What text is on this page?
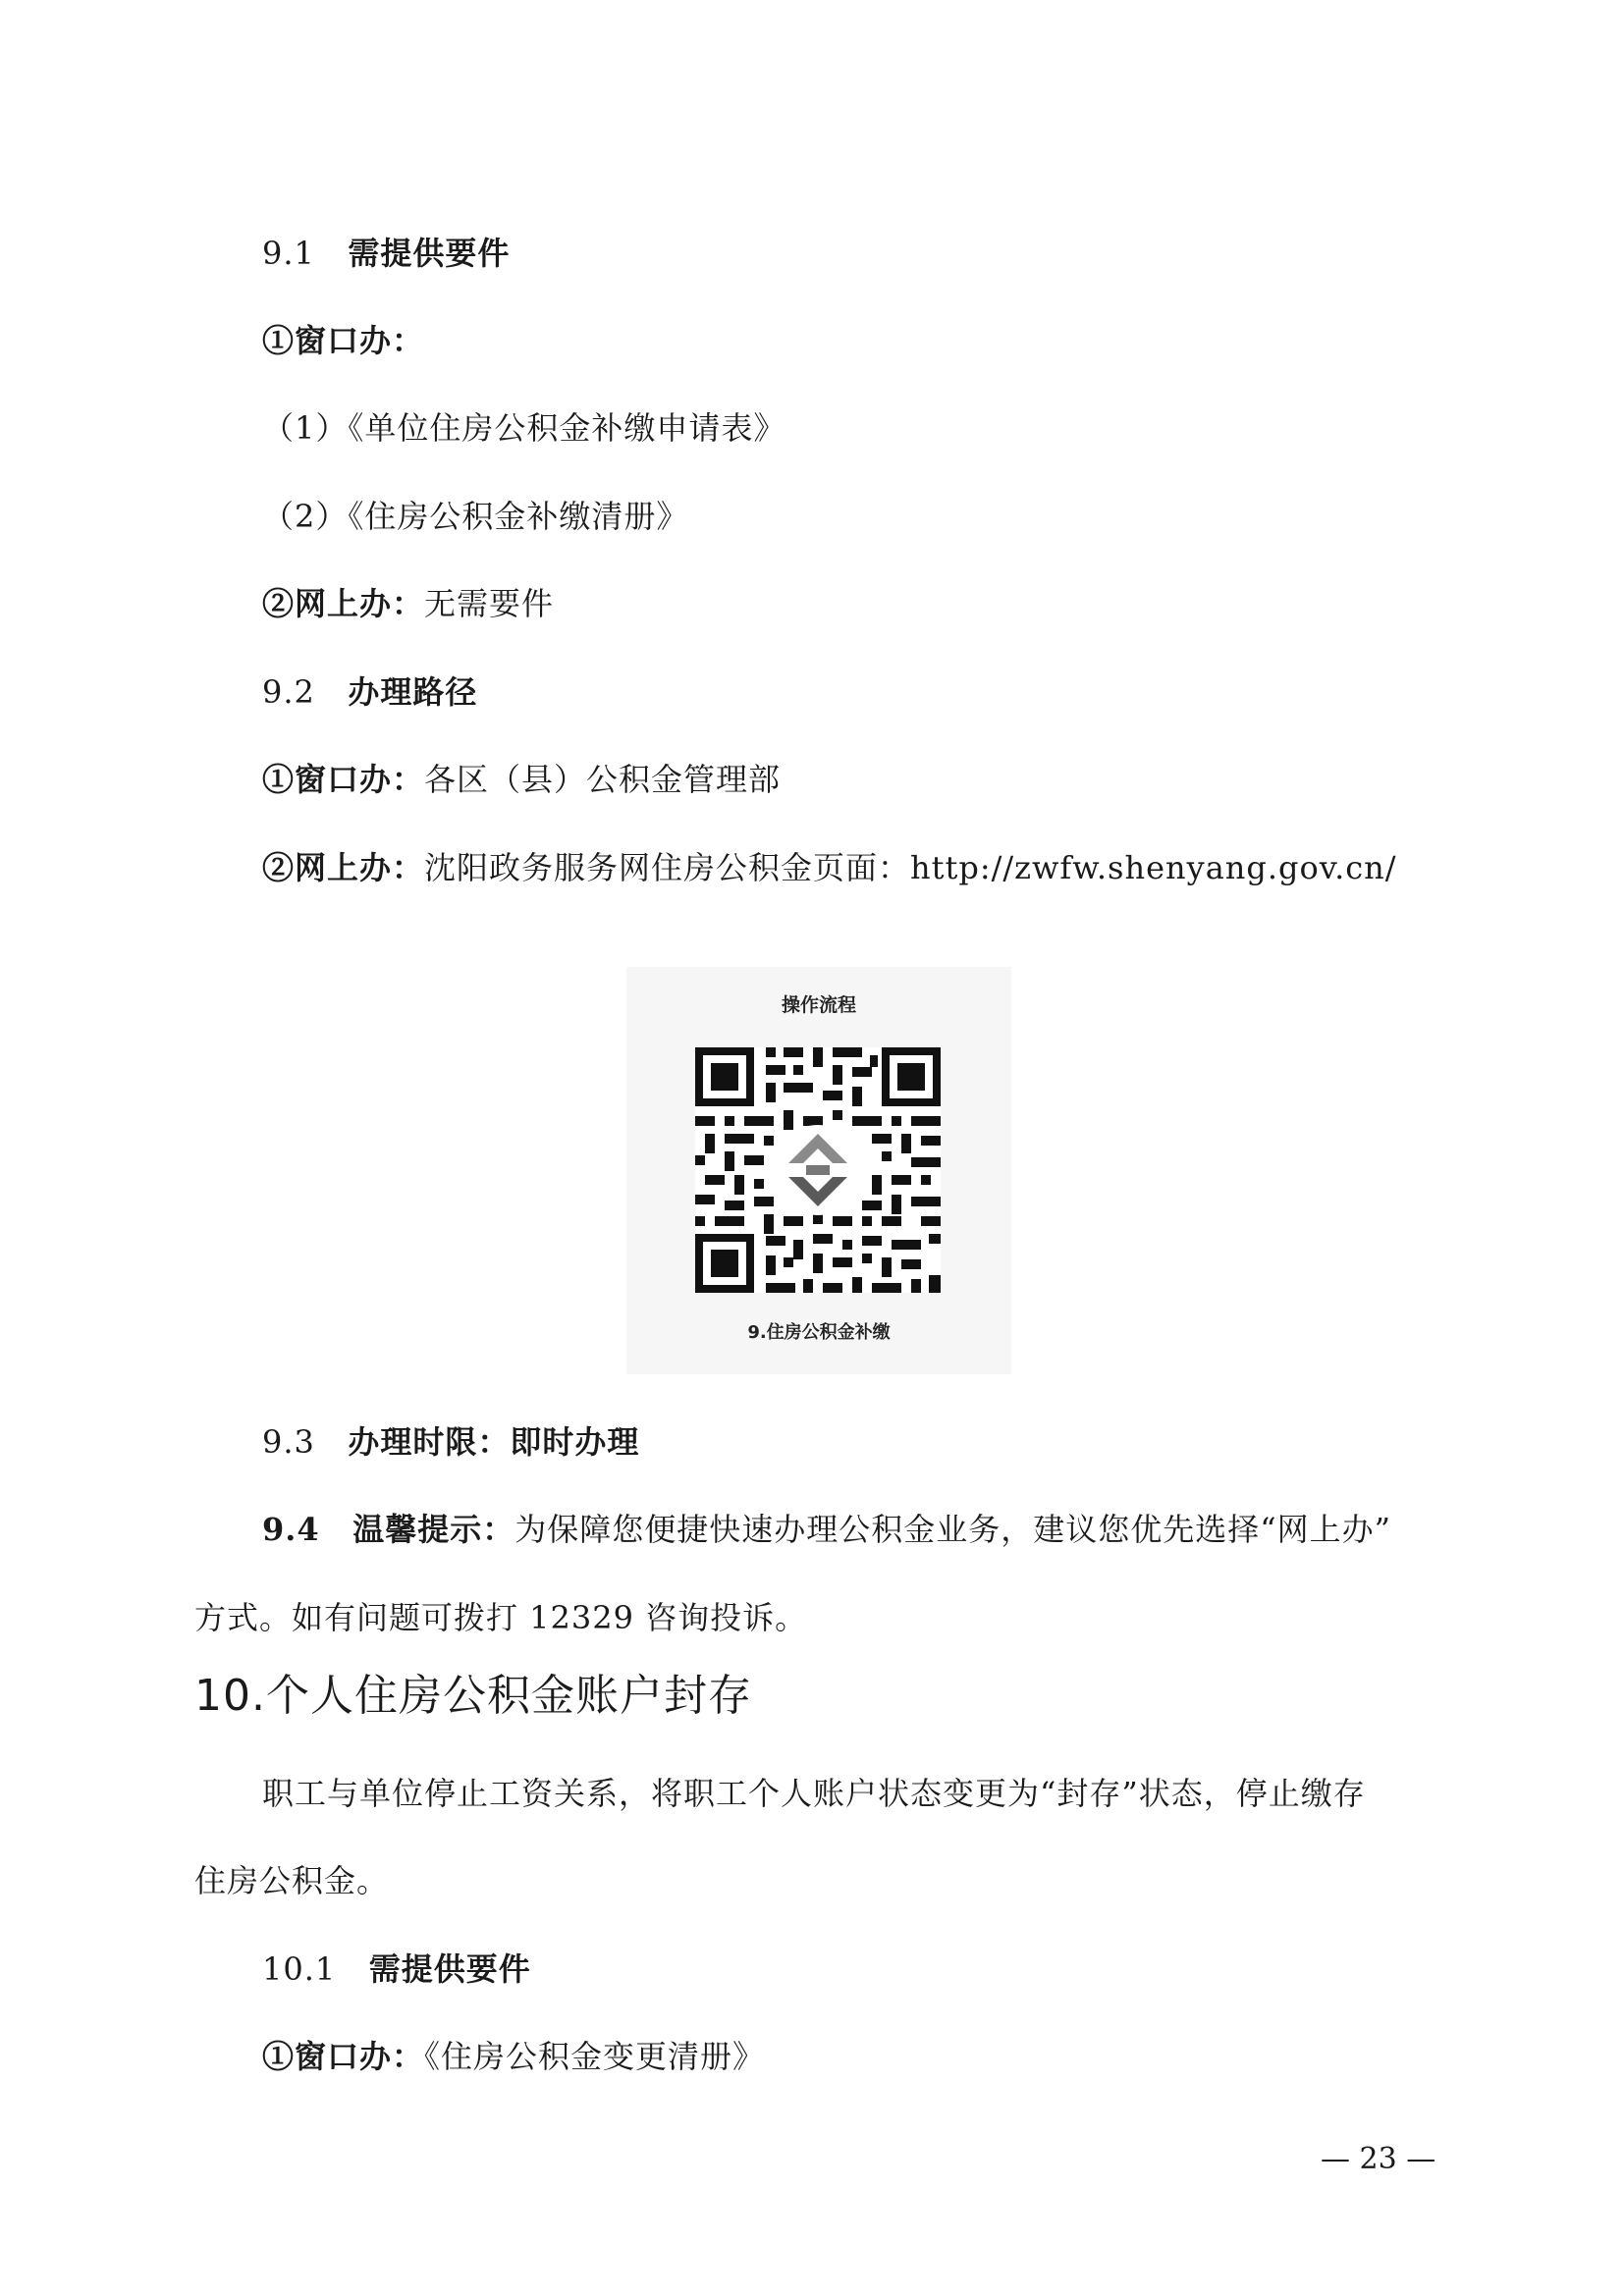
9.1 需提供要件
①窗口办：
（1）《单位住房公积金补缴申请表》
（2）《住房公积金补缴清册》
②网上办：无需要件
9.2 办理路径
①窗口办：各区（县）公积金管理部
②网上办：沈阳政务服务网住房公积金页面：http://zwfw.shenyang.gov.cn/
操作流程
9.住房公积金补缴
9.3 办理时限：即时办理
9.4 温馨提示：为保障您便捷快速办理公积金业务，建议您优先选择“网上办”
方式。如有问题可拨打 12329 咨询投诉。
10.个人住房公积金账户封存
职工与单位停止工资关系，将职工个人账户状态变更为“封存”状态，停止缴存
住房公积金。
10.1 需提供要件
①窗口办：《住房公积金变更清册》
— 23 —
